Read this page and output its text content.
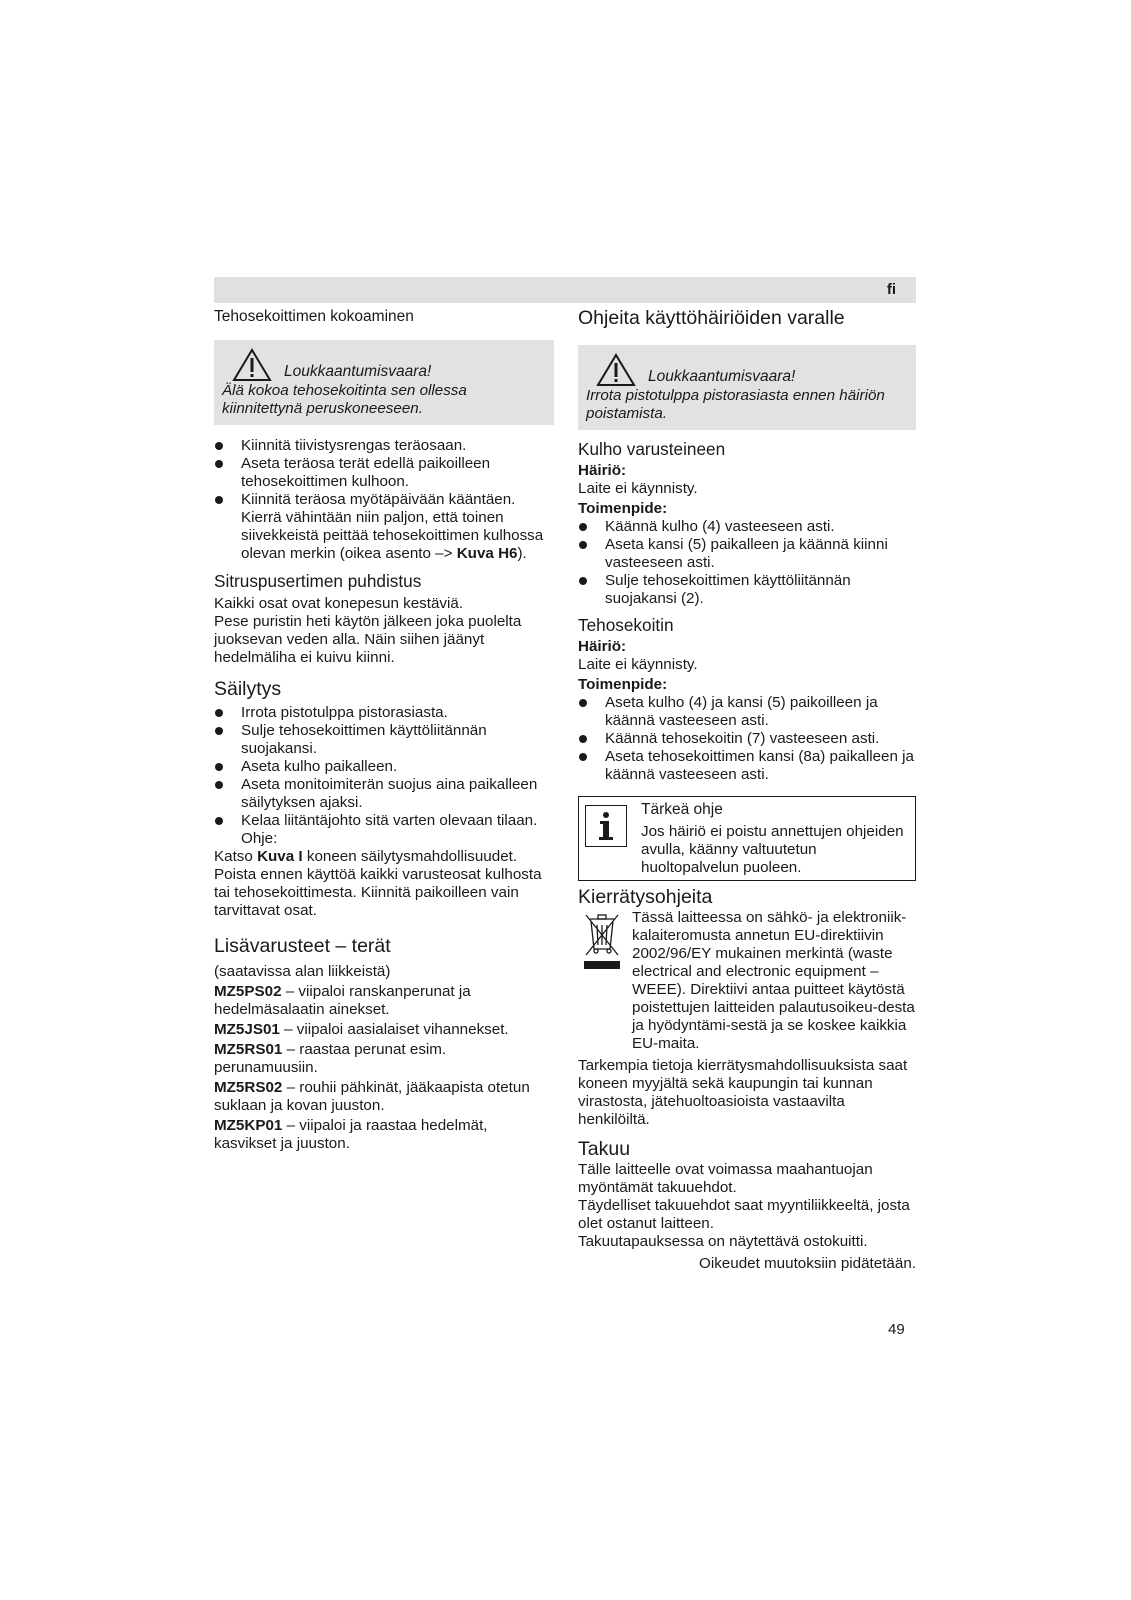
fi

Tehosekoittimen kokoaminen

Loukkaantumisvaara!
Älä kokoa tehosekoitinta sen ollessa
kiinnitettynä peruskoneeseen.
Kiinnitä tiivistysrengas teräosaan.
Aseta teräosa terät edellä paikoilleen tehosekoittimen kulhoon.
Kiinnitä teräosa myötäpäivään kääntäen. Kierrä vähintään niin paljon, että toinen siivekkeistä peittää tehosekoittimen kulhossa olevan merkin (oikea asento –> Kuva H6).
Sitruspusertimen puhdistus

Kaikki osat ovat konepesun kestäviä.

Pese puristin heti käytön jälkeen joka puolelta juoksevan veden alla. Näin siihen jäänyt hedelmäliha ei kuivu kiinni.

Säilytys
Irrota pistotulppa pistorasiasta.
Sulje tehosekoittimen käyttöliitännän suojakansi.
Aseta kulho paikalleen.
Aseta monitoimiterän suojus aina paikalleen säilytyksen ajaksi.
Kelaa liitäntäjohto sitä varten olevaan tilaan. Ohje:

Katso Kuva I koneen säilytysmahdollisuudet.

Poista ennen käyttöä kaikki varusteosat kulhosta tai tehosekoittimesta. Kiinnitä paikoilleen vain tarvittavat osat.

Lisävarusteet – terät

(saatavissa alan liikkeistä)

MZ5PS02 – viipaloi ranskanperunat ja hedelmäsalaatin ainekset.

MZ5JS01 – viipaloi aasialaiset vihannekset.

MZ5RS01 – raastaa perunat esim. perunamuusiin.

MZ5RS02 – rouhii pähkinät, jääkaapista otetun suklaan ja kovan juuston.

MZ5KP01 – viipaloi ja raastaa hedelmät, kasvikset ja juuston.

Ohjeita käyttöhäiriöiden varalle
Loukkaantumisvaara!
Irrota pistotulppa pistorasiasta ennen häiriön
poistamista.
Kulho varusteineen

Häiriö:

Laite ei käynnisty.

Toimenpide:

Käännä kulho (4) vasteeseen asti.
Aseta kansi (5) paikalleen ja käännä kiinni vasteeseen asti.
Sulje tehosekoittimen käyttöliitännän suojakansi (2).
Tehosekoitin

Häiriö:

Laite ei käynnisty.

Toimenpide:

Aseta kulho (4) ja kansi (5) paikoilleen ja käännä vasteeseen asti.
Käännä tehosekoitin (7) vasteeseen asti.
Aseta tehosekoittimen kansi (8a) paikalleen ja käännä vasteeseen asti.
Tärkeä ohje
Jos häiriö ei poistu annettujen ohjeiden avulla, käänny valtuutetun huoltopalvelun puoleen.
Kierrätysohjeita

Tässä laitteessa on sähkö- ja elektroniik-kalaiteromusta annetun EU-direktiivin 2002/96/EY mukainen merkintä (waste electrical and electronic equipment – WEEE). Direktiivi antaa puitteet käytöstä poistettujen laitteiden palautusoikeu-desta ja hyödyntämi-sestä ja se koskee kaikkia EU-maita.

Tarkempia tietoja kierrätysmahdollisuuksista saat koneen myyjältä sekä kaupungin tai kunnan virastosta, jätehuoltoasioista vastaavilta henkilöiltä.

Takuu

Tälle laitteelle ovat voimassa maahantuojan myöntämät takuuehdot.

Täydelliset takuuehdot saat myyntiliikkeeltä, josta olet ostanut laitteen.

Takuutapauksessa on näytettävä ostokuitti.

Oikeudet muutoksiin pidätetään.

49
